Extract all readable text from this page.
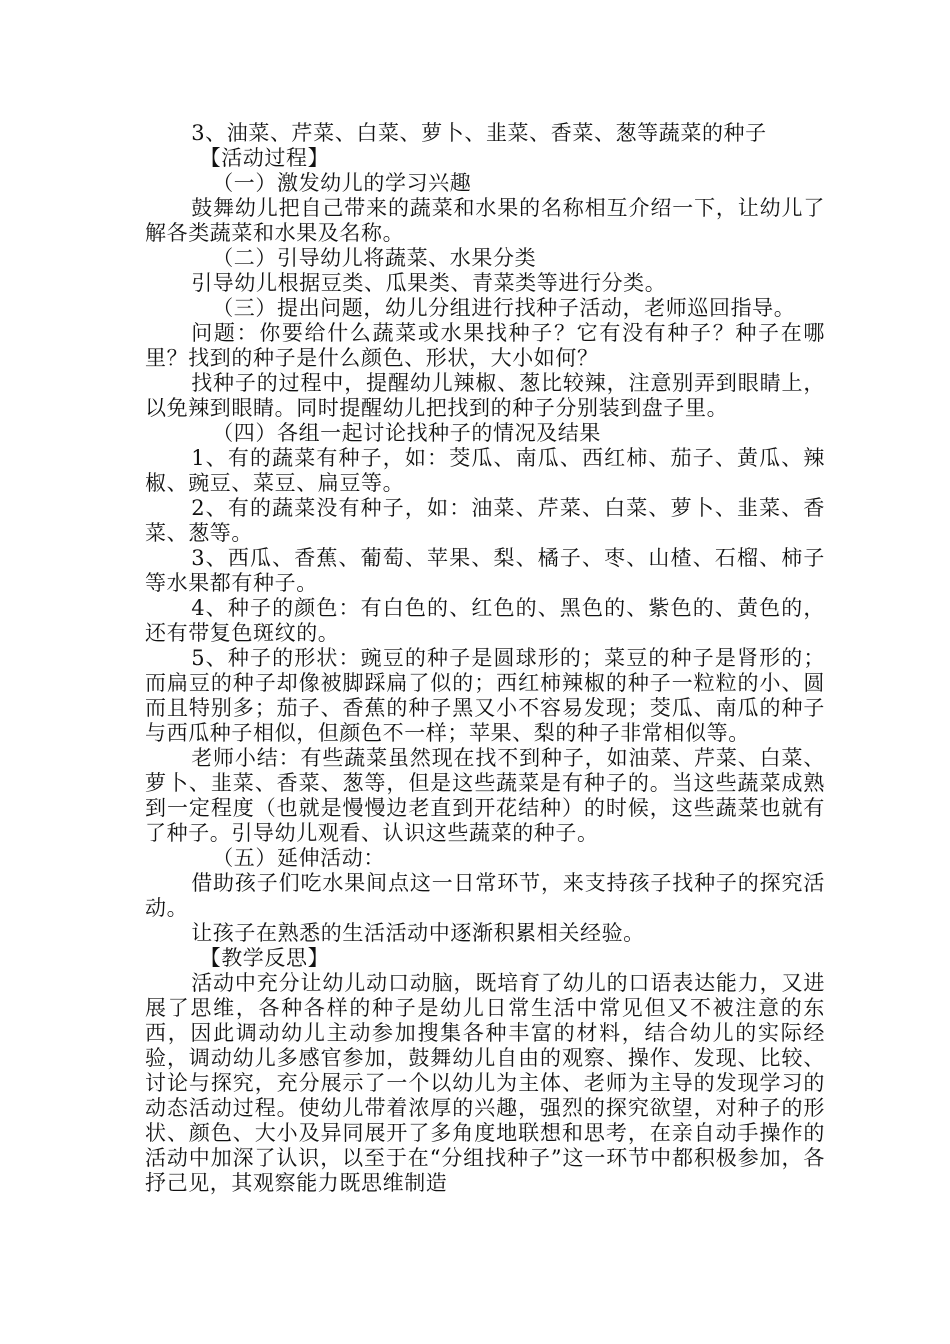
3、油菜、芹菜、白菜、萝卜、韭菜、香菜、葱等蔬菜的种子

【活动过程】

（一）激发幼儿的学习兴趣

鼓舞幼儿把自己带来的蔬菜和水果的名称相互介绍一下，让幼儿了解各类蔬菜和水果及名称。

（二）引导幼儿将蔬菜、水果分类

引导幼儿根据豆类、瓜果类、青菜类等进行分类。

（三）提出问题，幼儿分组进行找种子活动，老师巡回指导。

问题：你要给什么蔬菜或水果找种子？它有没有种子？种子在哪里？找到的种子是什么颜色、形状，大小如何？

找种子的过程中，提醒幼儿辣椒、葱比较辣，注意别弄到眼睛上，以免辣到眼睛。同时提醒幼儿把找到的种子分别装到盘子里。

（四）各组一起讨论找种子的情况及结果

1、有的蔬菜有种子，如：茭瓜、南瓜、西红柿、茄子、黄瓜、辣椒、豌豆、菜豆、扁豆等。

2、有的蔬菜没有种子，如：油菜、芹菜、白菜、萝卜、韭菜、香菜、葱等。

3、西瓜、香蕉、葡萄、苹果、梨、橘子、枣、山楂、石榴、柿子等水果都有种子。

4、种子的颜色：有白色的、红色的、黑色的、紫色的、黄色的，还有带复色斑纹的。

5、种子的形状：豌豆的种子是圆球形的；菜豆的种子是肾形的；而扁豆的种子却像被脚踩扁了似的；西红柿辣椒的种子一粒粒的小、圆而且特别多；茄子、香蕉的种子黑又小不容易发现；茭瓜、南瓜的种子与西瓜种子相似，但颜色不一样；苹果、梨的种子非常相似等。

老师小结：有些蔬菜虽然现在找不到种子，如油菜、芹菜、白菜、萝卜、韭菜、香菜、葱等，但是这些蔬菜是有种子的。当这些蔬菜成熟到一定程度（也就是慢慢边老直到开花结种）的时候，这些蔬菜也就有了种子。引导幼儿观看、认识这些蔬菜的种子。

（五）延伸活动：

借助孩子们吃水果间点这一日常环节，来支持孩子找种子的探究活动。

让孩子在熟悉的生活活动中逐渐积累相关经验。

【教学反思】

活动中充分让幼儿动口动脑，既培育了幼儿的口语表达能力，又进展了思维，各种各样的种子是幼儿日常生活中常见但又不被注意的东西，因此调动幼儿主动参加搜集各种丰富的材料，结合幼儿的实际经验，调动幼儿多感官参加，鼓舞幼儿自由的观察、操作、发现、比较、讨论与探究，充分展示了一个以幼儿为主体、老师为主导的发现学习的动态活动过程。使幼儿带着浓厚的兴趣，强烈的探究欲望，对种子的形状、颜色、大小及异同展开了多角度地联想和思考，在亲自动手操作的活动中加深了认识，以至于在“分组找种子”这一环节中都积极参加，各抒己见，其观察能力既思维制造
